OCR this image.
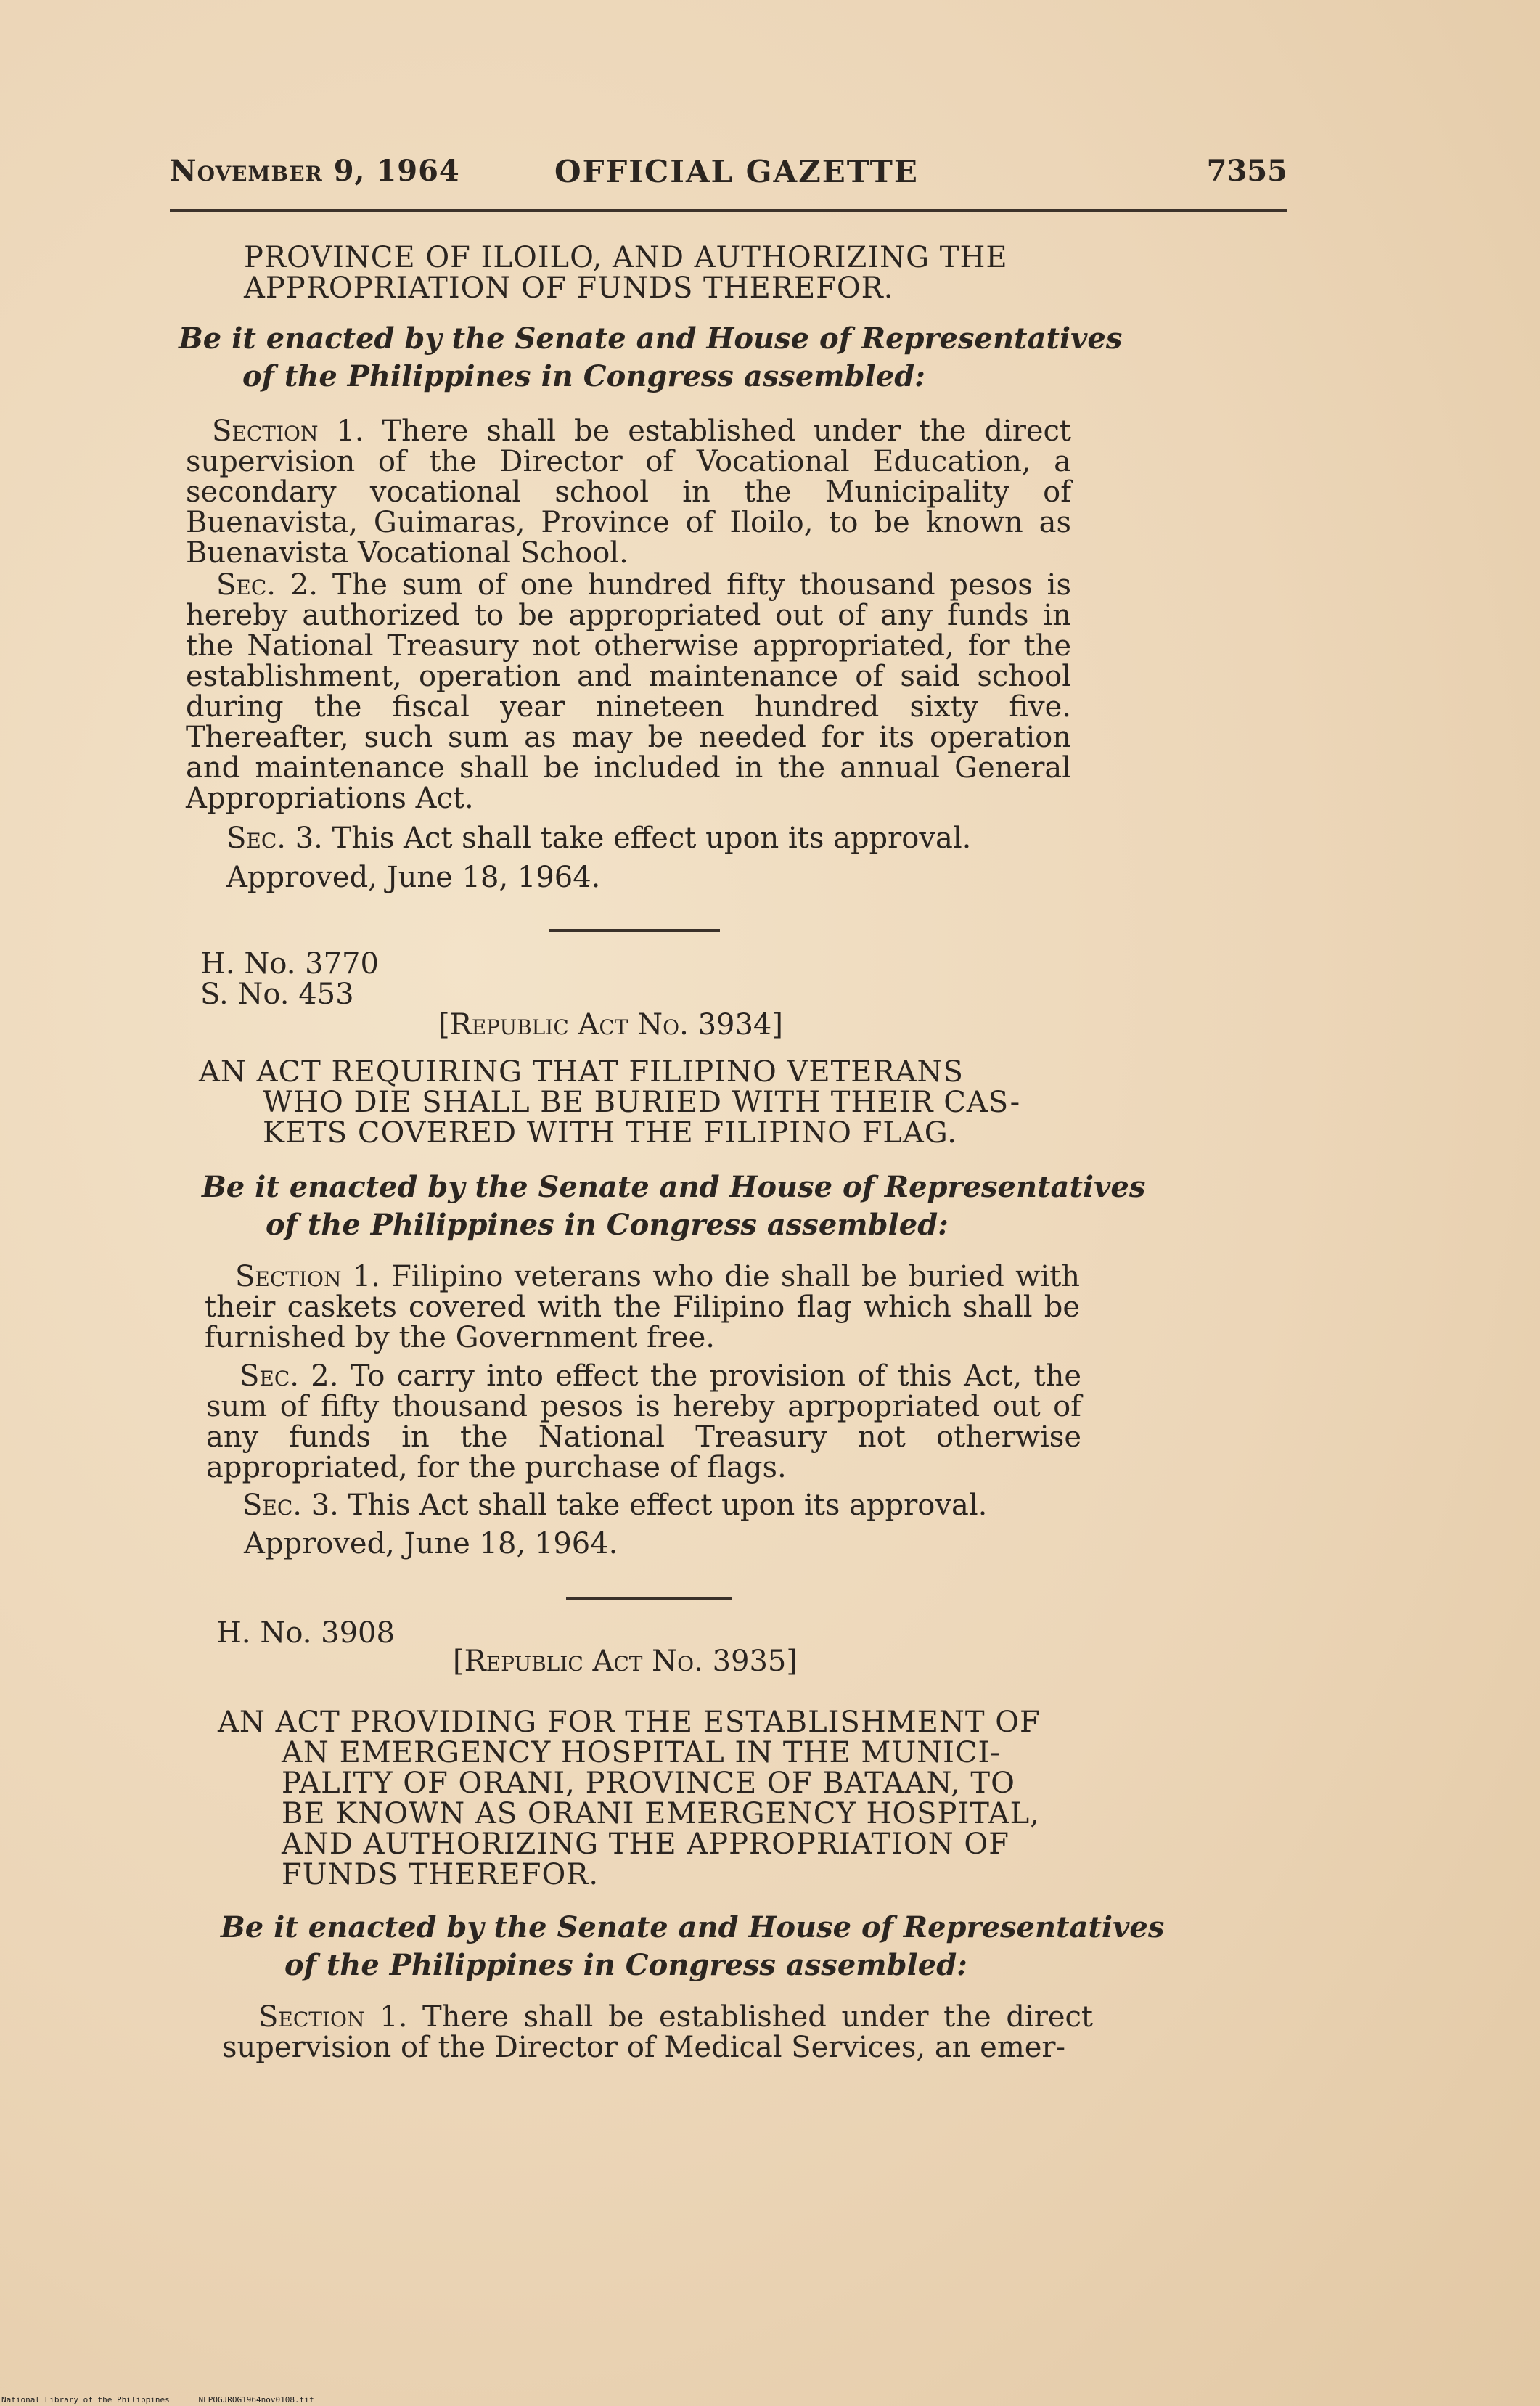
November 9, 1964	OFFICIAL GAZETTE	7355
PROVINCE OF ILOILO, AND AUTHORIZING THE
APPROPRIATION OF FUNDS THEREFOR.
Be it enacted by the Senate and House of Representatives
of the Philippines in Congress assembled:

Section 1. There shall be established under the direct supervision of the Director of Vocational Education, a secondary vocational school in the Municipality of Buenavista, Guimaras, Province of Iloilo, to be known as Buenavista Vocational School.

Sec. 2. The sum of one hundred fifty thousand pesos is hereby authorized to be appropriated out of any funds in the National Treasury not otherwise appropriated, for the establishment, operation and maintenance of said school during the fiscal year nineteen hundred sixty five. Thereafter, such sum as may be needed for its operation and maintenance shall be included in the annual General Appropriations Act.

Sec. 3. This Act shall take effect upon its approval.
Approved, June 18, 1964.
H. No. 3770
S. No. 453
[Republic Act No. 3934]
AN ACT REQUIRING THAT FILIPINO VETERANS
WHO DIE SHALL BE BURIED WITH THEIR CAS-
KETS COVERED WITH THE FILIPINO FLAG.
Be it enacted by the Senate and House of Representatives
of the Philippines in Congress assembled:

Section 1. Filipino veterans who die shall be buried with their caskets covered with the Filipino flag which shall be furnished by the Government free.

Sec. 2. To carry into effect the provision of this Act, the sum of fifty thousand pesos is hereby aprpopriated out of any funds in the National Treasury not otherwise appropriated, for the purchase of flags.

Sec. 3. This Act shall take effect upon its approval.
Approved, June 18, 1964.
H. No. 3908
[Republic Act No. 3935]
AN ACT PROVIDING FOR THE ESTABLISHMENT OF
AN EMERGENCY HOSPITAL IN THE MUNICI-
PALITY OF ORANI, PROVINCE OF BATAAN, TO
BE KNOWN AS ORANI EMERGENCY HOSPITAL,
AND AUTHORIZING THE APPROPRIATION OF
FUNDS THEREFOR.
Be it enacted by the Senate and House of Representatives
of the Philippines in Congress assembled:

Section 1. There shall be established under the direct supervision of the Director of Medical Services, an emer-

National Library of the Philippines	NLPOGJROG1964nov0108.tif
